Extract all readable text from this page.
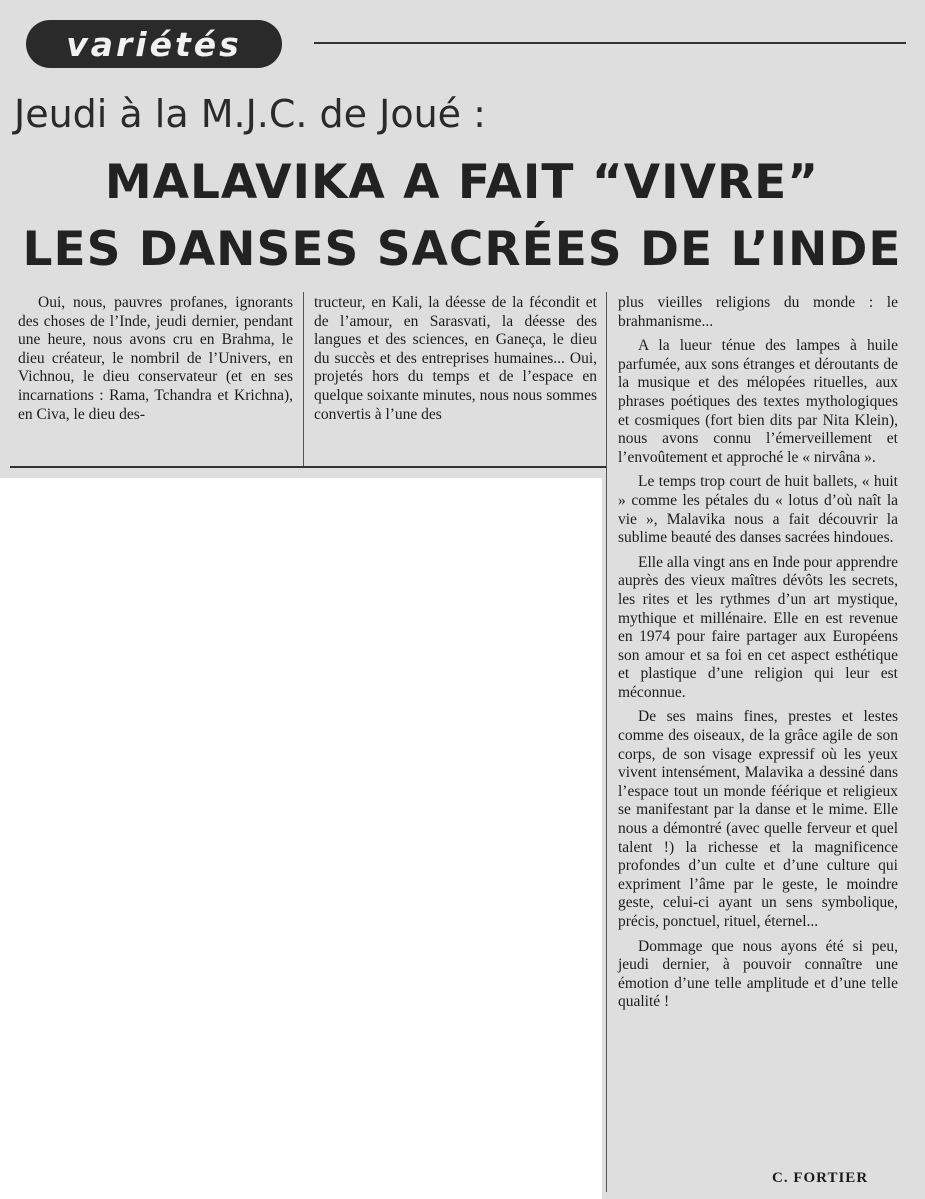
variétés
Jeudi à la M.J.C. de Joué :
MALAVIKA A FAIT “VIVRE”
LES DANSES SACRÉES DE L’INDE

Oui, nous, pauvres profanes, ignorants des choses de l’Inde, jeudi dernier, pendant une heure, nous avons cru en Brahma, le dieu créateur, le nombril de l’Univers, en Vichnou, le dieu conservateur (et en ses incarnations : Rama, Tchandra et Krichna), en Civa, le dieu des-

tructeur, en Kali, la déesse de la fécondit et de l’amour, en Sarasvati, la déesse des langues et des sciences, en Ganeça, le dieu du succès et des entreprises humaines... Oui, projetés hors du temps et de l’espace en quelque soixante minutes, nous nous sommes convertis à l’une des

plus vieilles religions du monde : le brahmanisme...

A la lueur ténue des lampes à huile parfumée, aux sons étranges et déroutants de la musique et des mélopées rituelles, aux phrases poétiques des textes mythologiques et cosmiques (fort bien dits par Nita Klein), nous avons connu l’émerveillement et l’envoûtement et approché le « nirvâna ».

Le temps trop court de huit ballets, « huit » comme les pétales du « lotus d’où naît la vie », Malavika nous a fait découvrir la sublime beauté des danses sacrées hindoues.

Elle alla vingt ans en Inde pour apprendre auprès des vieux maîtres dévôts les secrets, les rites et les rythmes d’un art mystique, mythique et millénaire. Elle en est revenue en 1974 pour faire partager aux Européens son amour et sa foi en cet aspect esthétique et plastique d’une religion qui leur est méconnue.

De ses mains fines, prestes et lestes comme des oiseaux, de la grâce agile de son corps, de son visage expressif où les yeux vivent intensément, Malavika a dessiné dans l’espace tout un monde féérique et religieux se manifestant par la danse et le mime. Elle nous a démontré (avec quelle ferveur et quel talent !) la richesse et la magnificence profondes d’un culte et d’une culture qui expriment l’âme par le geste, le moindre geste, celui-ci ayant un sens symbolique, précis, ponctuel, rituel, éternel...

Dommage que nous ayons été si peu, jeudi dernier, à pouvoir connaître une émotion d’une telle amplitude et d’une telle qualité !

C. FORTIER
